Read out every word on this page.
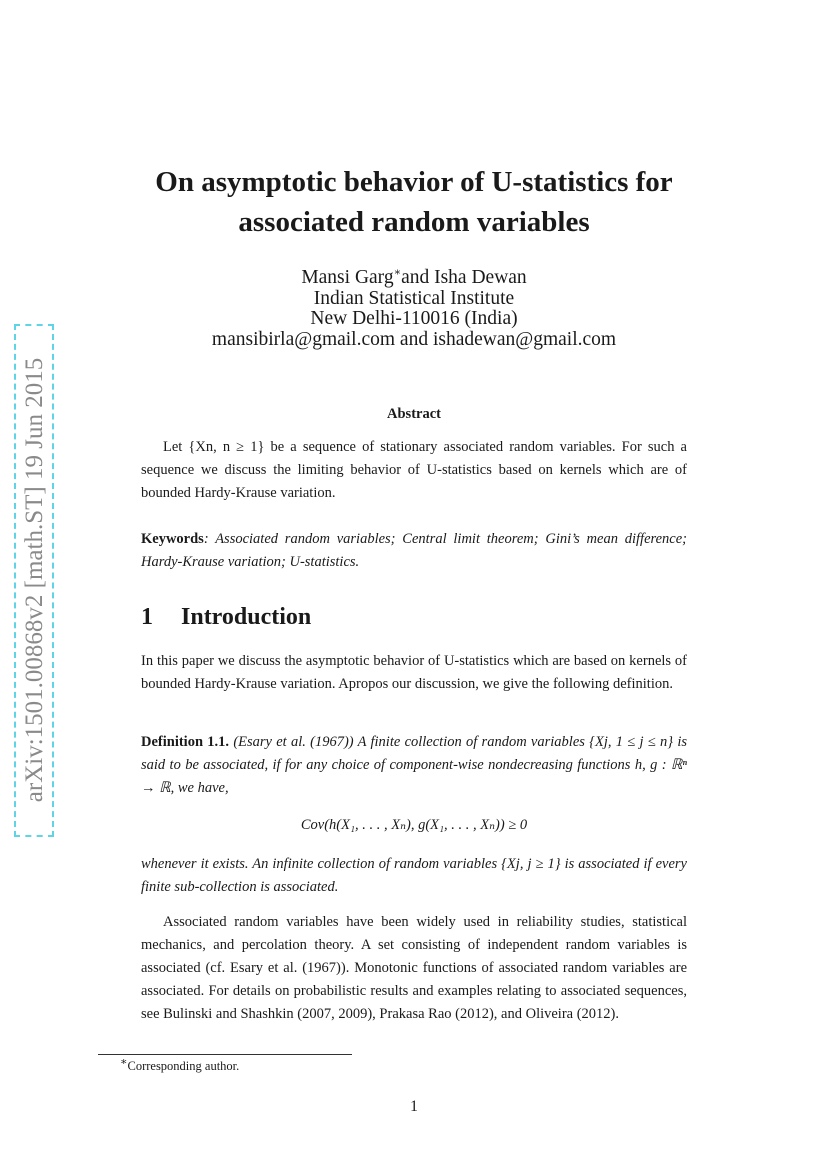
arXiv:1501.00868v2 [math.ST] 19 Jun 2015
On asymptotic behavior of U-statistics for
associated random variables
Mansi Garg∗and Isha Dewan
Indian Statistical Institute
New Delhi-110016 (India)
mansibirla@gmail.com and ishadewan@gmail.com
Abstract
Let {Xn, n ≥ 1} be a sequence of stationary associated random variables. For such a sequence we discuss the limiting behavior of U-statistics based on kernels which are of bounded Hardy-Krause variation.
Keywords: Associated random variables; Central limit theorem; Gini’s mean difference; Hardy-Krause variation; U-statistics.
1 Introduction
In this paper we discuss the asymptotic behavior of U-statistics which are based on kernels of bounded Hardy-Krause variation. Apropos our discussion, we give the following definition.
Definition 1.1. (Esary et al. (1967)) A finite collection of random variables {Xj, 1 ≤ j ≤ n} is said to be associated, if for any choice of component-wise nondecreasing functions h, g : ℝⁿ → ℝ, we have,
Cov(h(X₁, . . . , Xₙ), g(X₁, . . . , Xₙ)) ≥ 0
whenever it exists. An infinite collection of random variables {Xj, j ≥ 1} is associated if every finite sub-collection is associated.
Associated random variables have been widely used in reliability studies, statistical mechanics, and percolation theory. A set consisting of independent random variables is associated (cf. Esary et al. (1967)). Monotonic functions of associated random variables are associated. For details on probabilistic results and examples relating to associated sequences, see Bulinski and Shashkin (2007, 2009), Prakasa Rao (2012), and Oliveira (2012).
∗Corresponding author.
1
